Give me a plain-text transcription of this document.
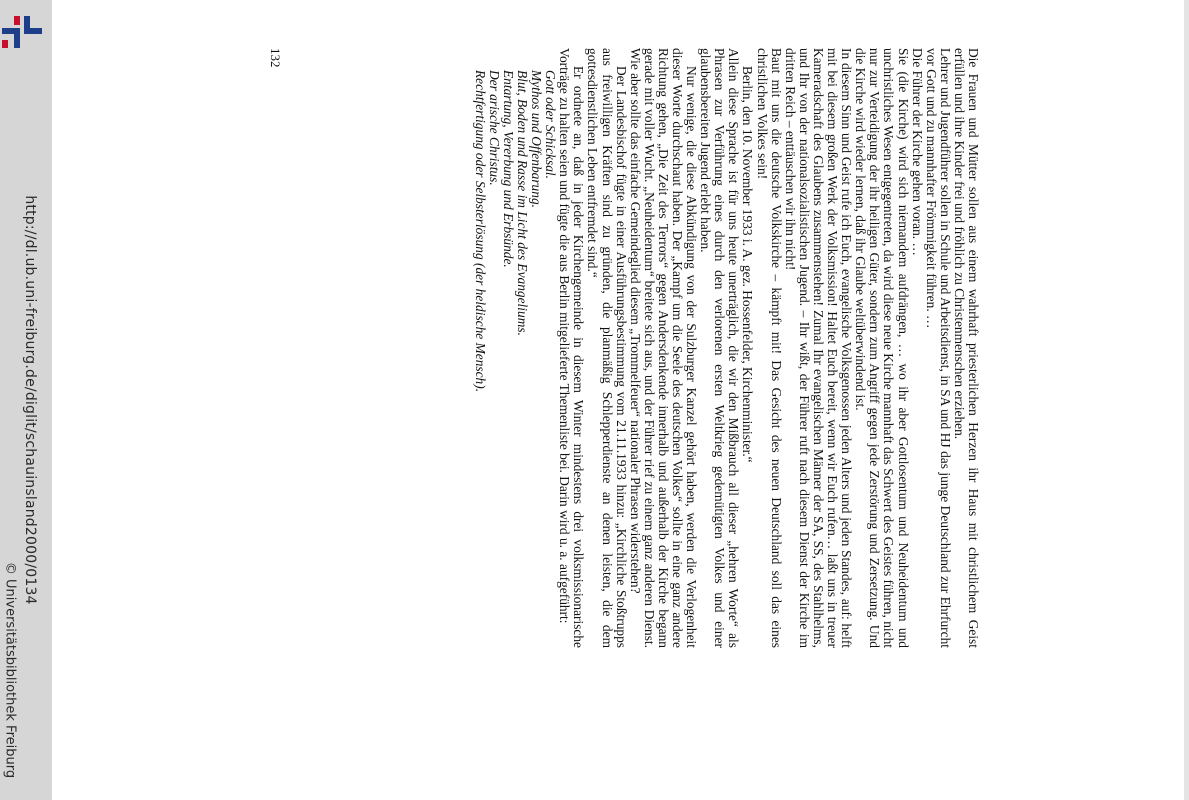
http://dl.ub.uni-freiburg.de/diglit/schauinsland2000/0134
© Universitätsbibliothek Freiburg

Die Frauen und Mütter sollen aus einem wahrhaft priesterlichen Herzen ihr Haus mit christlichem Geist erfüllen und ihre Kinder frei und fröhlich zu Christenmenschen erziehen.

Lehrer und Jugendführer sollen in Schule und Arbeitsdienst, in SA und HJ das junge Deutschland zur Ehrfurcht vor Gott und zu mannhafter Frömmigkeit führen. …

Die Führer der Kirche gehen voran. …

Sie (die Kirche) wird sich niemandem aufdrängen, … wo ihr aber Gottlosentum und Neuheidentum und unchristliches Wesen entgegentreten, da wird diese neue Kirche mannhaft das Schwert des Geistes führen, nicht nur zur Verteidigung der ihr heiligen Güter, sondern zum Angriff gegen jede Zerstörung und Zersetzung. Und die Kirche wird wieder lernen, daß ihr Glaube weltüberwindend ist.

In diesem Sinn und Geist rufe ich Euch, evangelische Volksgenossen jeden Alters und jeden Standes, auf: helft mit bei diesem großen Werk der Volksmission! Haltet Euch bereit, wenn wir Euch rufen… laßt uns in treuer Kameradschaft des Glaubens zusammenstehen! Zumal Ihr evangelischen Männer der SA, SS, des Stahlhelms, und Ihr von der nationalsozialistischen Jugend. – Ihr wißt, der Führer ruft nach diesem Dienst der Kirche im dritten Reich – enttäuschen wir ihn nicht!

Baut mit uns die deutsche Volkskirche – kämpft mit! Das Gesicht des neuen Deutschland soll das eines christlichen Volkes sein!

Berlin, den 10. November 1933 i. A. gez. Hossenfelder, Kirchenminister.“

Allein diese Sprache ist für uns heute unerträglich, die wir den Mißbrauch all dieser „hehren Worte“ als Phrasen zur Verführung eines durch den verlorenen ersten Weltkrieg gedemütigten Volkes und einer glaubensbereiten Jugend erlebt haben.

Nur wenige, die diese Abkündigung von der Sulzburger Kanzel gehört haben, werden die Verlogenheit dieser Worte durchschaut haben. Der „Kampf um die Seele des deutschen Volkes“ sollte in eine ganz andere Richtung gehen, „Die Zeit des Terrors“ gegen Andersdenkende innerhalb und außerhalb der Kirche begann gerade mit voller Wucht. „Neuheidentum“ breitete sich aus, und der Führer rief zu einem ganz anderen Dienst. Wie aber sollte das einfache Gemeindeglied diesem „Trommelfeuer“ nationaler Phrasen widerstehen?

Der Landesbischof fügte in einer Ausführungsbestimmung vom 21.11.1933 hinzu: „Kirchliche Stoßtrupps aus freiwilligen Kräften sind zu gründen, die planmäßig Schlepperdienste an denen leisten, die dem gottesdienstlichen Leben entfremdet sind.“

Er ordnete an, daß in jeder Kirchengemeinde in diesem Winter mindestens drei volksmissionarische Vorträge zu halten seien und fügte die aus Berlin mitgelieferte Themenliste bei. Darin wird u. a. aufgeführt:

Gott oder Schicksal.

Mythos und Offenbarung.

Blut, Boden und Rasse im Licht des Evangeliums.

Entartung, Vererbung und Erbsünde.

Der arische Christus.

Rechtfertigung oder Selbsterlösung (der heldische Mensch).

132
